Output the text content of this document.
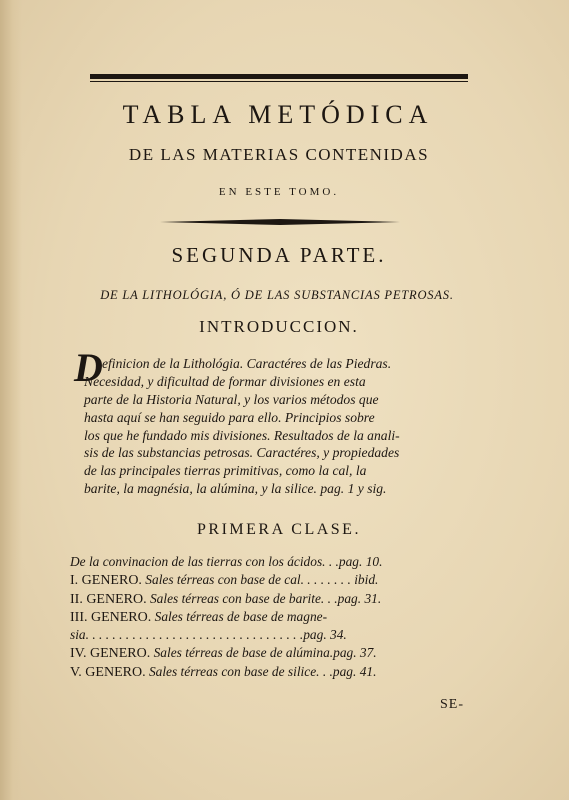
TABLA METÓDICA
DE LAS MATERIAS CONTENIDAS
EN ESTE TOMO.
SEGUNDA PARTE.
DE LA LITHOLÓGIA, Ó DE LAS SUBSTANCIAS PETROSAS.
INTRODUCCION.
D efinicion de la Lithológia. Caractéres de las Piedras.
Necesidad, y dificultad de formar divisiones en esta
parte de la Historia Natural, y los varios métodos que
hasta aquí se han seguido para ello. Principios sobre
los que he fundado mis divisiones. Resultados de la anali-
sis de las substancias petrosas. Caractéres, y propiedades
de las principales tierras primitivas, como la cal, la
barite, la magnésia, la alúmina, y la silice. pag. 1 y sig.
PRIMERA CLASE.
De la convinacion de las tierras con los ácidos. . .pag. 10.
I. GENERO. Sales térreas con base de cal. . . . . . . . ibid.
II. GENERO. Sales térreas con base de barite. . .pag. 31.
III. GENERO. Sales térreas de base de magne-
sia. . . . . . . . . . . . . . . . . . . . . . . . . . . . . . . . .pag. 34.
IV. GENERO. Sales térreas de base de alúmina.pag. 37.
V. GENERO. Sales térreas con base de silice. . .pag. 41.
SE-
